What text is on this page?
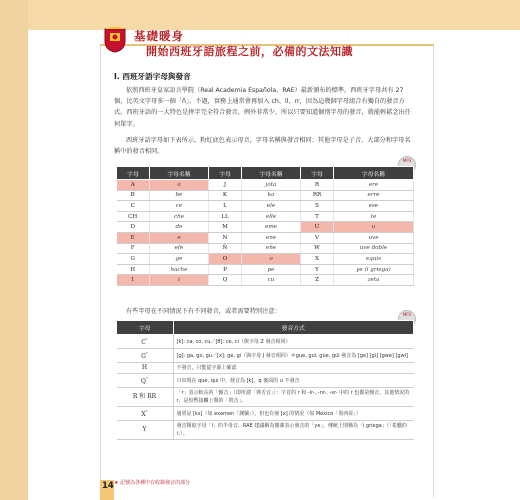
基礎暖身
開始西班牙語旅程之前，必備的文法知識
I. 西班牙語字母與發音
依照西班牙皇家語言學院（Real Academia Española，RAE）最新頒布的標準，西班牙字母共有 27 個，比英文字母多一個「ñ」。不過，實務上通常會再加入 ch、ll、rr，因為這幾個字母組合有獨自的發音方式。西班牙語的一大特色是拼字完全符合發音，例外非常少，所以只要知道個別字母的發音，就能輕鬆念出任何單字。
西班牙語字母如下表所示，粉紅底色表示母音，字母名稱與發音相同；其他字母是子音，大部分和字母名稱中的發音相同。
MP3
字母	字母名稱	字母	字母名稱	字母	字母名稱
A	a	J	jota	R	ere
B	be	K	ka	RR	erre
C	ce	L	ele	S	ese
CH	che	LL	elle	T	te
D	de	M	eme	U	u
E	e	N	ene	V	uve
F	efe	Ñ	eñe	W	uve doble
G	ge	O	o	X	equis
H	hache	P	pe	Y	ye (i griega)
I	i	Q	cu	Z	zeta
有些字母在不同情況下有不同發音，或者需要特別注意：	MP3
字母	發音方式
C*	[k]: ca, co, cu／[θ]: ce, ci（與字母 Z 發音相同）
G*	[g]: ga, go, gu／[x]: ge, gi（與字母 J 發音相同）＊gue, gui, güe, güi 發音為 [ge] [gi] [gwe] [gwi]
H	不發音，只能從字源上確認
Q*	只出現在 que, qui 中，發音為 [k]，q 後面的 u 不發音
R 和 RR	「r」表示較長的「顫音」（即所謂「彈舌音」）：字首的 r 和 -lr-, -nr-, -sr- 中的 r 也都是顫音，其他情況的 r，是短暫接觸上顎的「閃音」。
X*	通常是 [ks]（如 examen「測驗」），但也有發 [x] 的情況（如 México「墨西哥」）
Y	發音類似字母「I」的半母音，RAE 建議稱為簡潔表示發音的「ye」，傳統上則稱為「i griega」（「希臘的 i」）。
★ 記號為各種中有收錄發音的部分
14
